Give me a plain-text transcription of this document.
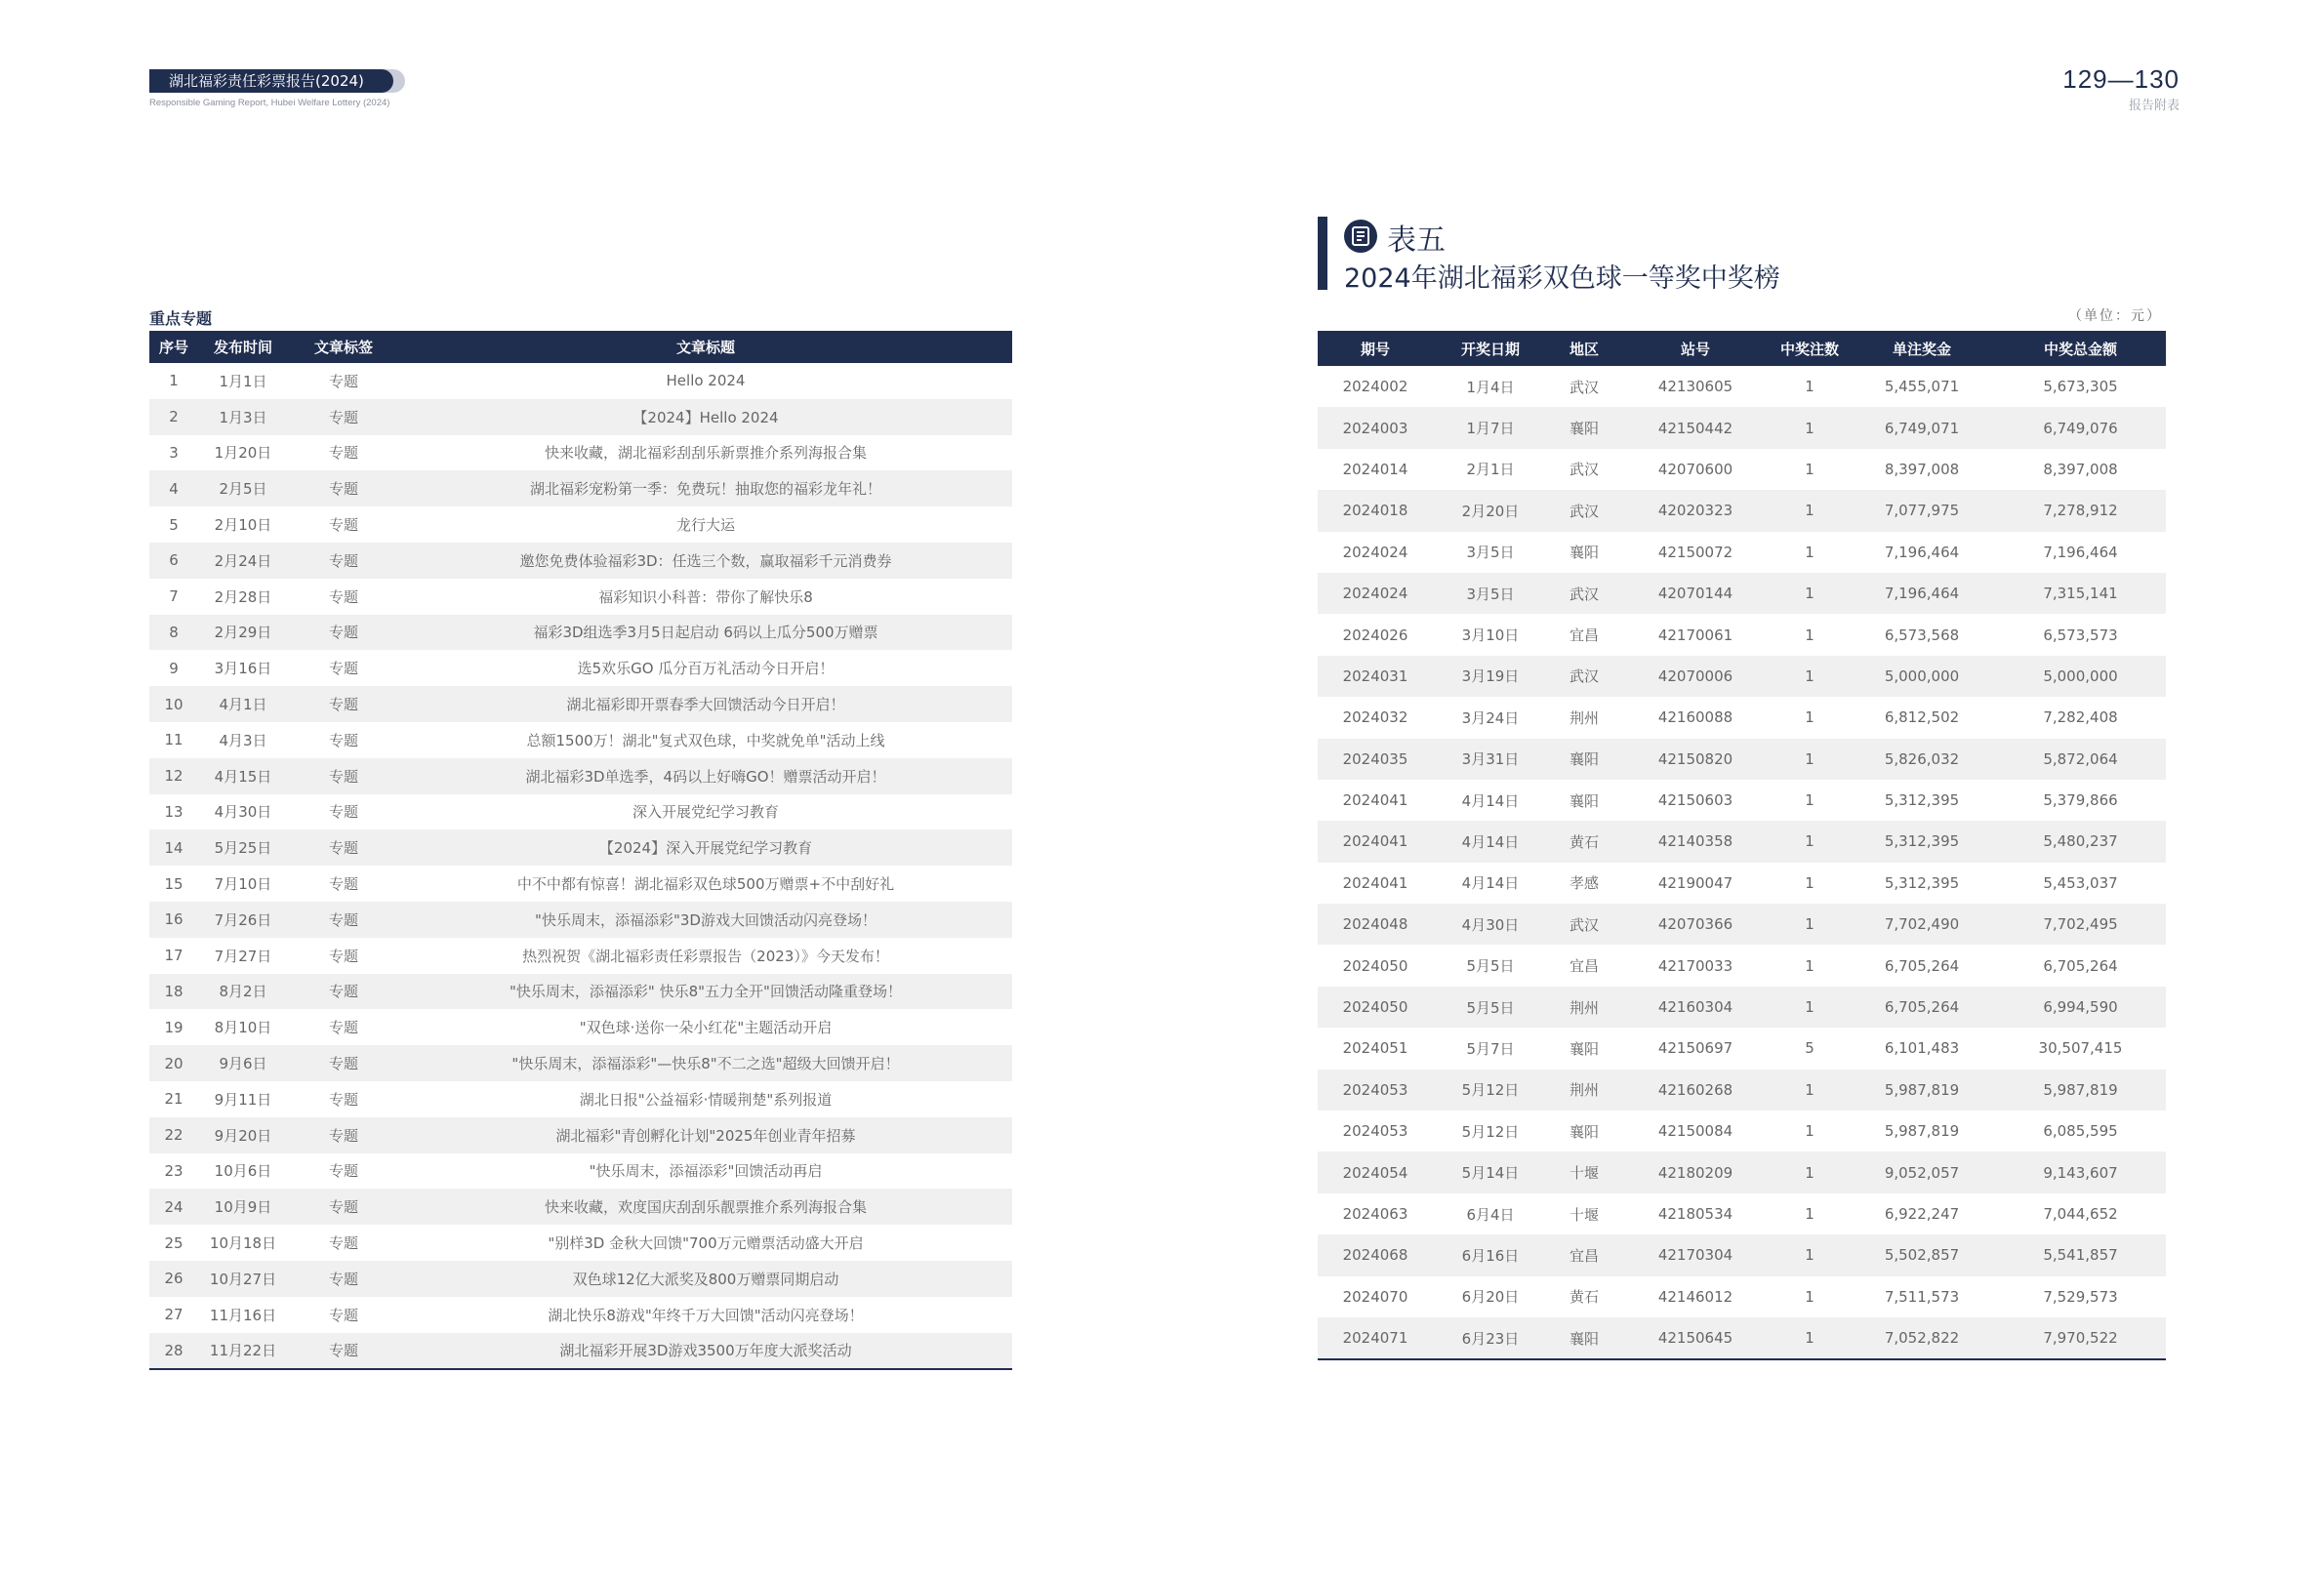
湖北福彩责任彩票报告(2024)
Responsible Gaming Report, Hubei Welfare Lottery (2024)
129—130
报告附表
重点专题
序号	发布时间	文章标签	文章标题
1	1月1日	专题	Hello 2024
2	1月3日	专题	【2024】Hello 2024
3	1月20日	专题	快来收藏，湖北福彩刮刮乐新票推介系列海报合集
4	2月5日	专题	湖北福彩宠粉第一季：免费玩！抽取您的福彩龙年礼！
5	2月10日	专题	龙行大运
6	2月24日	专题	邀您免费体验福彩3D：任选三个数，赢取福彩千元消费券
7	2月28日	专题	福彩知识小科普：带你了解快乐8
8	2月29日	专题	福彩3D组选季3月5日起启动 6码以上瓜分500万赠票
9	3月16日	专题	选5欢乐GO 瓜分百万礼活动今日开启！
10	4月1日	专题	湖北福彩即开票春季大回馈活动今日开启！
11	4月3日	专题	总额1500万！湖北"复式双色球，中奖就免单"活动上线
12	4月15日	专题	湖北福彩3D单选季，4码以上好嗨GO！赠票活动开启！
13	4月30日	专题	深入开展党纪学习教育
14	5月25日	专题	【2024】深入开展党纪学习教育
15	7月10日	专题	中不中都有惊喜！湖北福彩双色球500万赠票+不中刮好礼
16	7月26日	专题	"快乐周末，添福添彩"3D游戏大回馈活动闪亮登场！
17	7月27日	专题	热烈祝贺《湖北福彩责任彩票报告（2023）》今天发布！
18	8月2日	专题	"快乐周末，添福添彩" 快乐8"五力全开"回馈活动隆重登场！
19	8月10日	专题	"双色球·送你一朵小红花"主题活动开启
20	9月6日	专题	"快乐周末，添福添彩"—快乐8"不二之选"超级大回馈开启！
21	9月11日	专题	湖北日报"公益福彩·情暖荆楚"系列报道
22	9月20日	专题	湖北福彩"青创孵化计划"2025年创业青年招募
23	10月6日	专题	"快乐周末，添福添彩"回馈活动再启
24	10月9日	专题	快来收藏，欢度国庆刮刮乐靓票推介系列海报合集
25	10月18日	专题	"别样3D 金秋大回馈"700万元赠票活动盛大开启
26	10月27日	专题	双色球12亿大派奖及800万赠票同期启动
27	11月16日	专题	湖北快乐8游戏"年终千万大回馈"活动闪亮登场！
28	11月22日	专题	湖北福彩开展3D游戏3500万年度大派奖活动
表五
2024年湖北福彩双色球一等奖中奖榜
（单位：元）
期号	开奖日期	地区	站号	中奖注数	单注奖金	中奖总金额
2024002	1月4日	武汉	42130605	1	5,455,071	5,673,305
2024003	1月7日	襄阳	42150442	1	6,749,071	6,749,076
2024014	2月1日	武汉	42070600	1	8,397,008	8,397,008
2024018	2月20日	武汉	42020323	1	7,077,975	7,278,912
2024024	3月5日	襄阳	42150072	1	7,196,464	7,196,464
2024024	3月5日	武汉	42070144	1	7,196,464	7,315,141
2024026	3月10日	宜昌	42170061	1	6,573,568	6,573,573
2024031	3月19日	武汉	42070006	1	5,000,000	5,000,000
2024032	3月24日	荆州	42160088	1	6,812,502	7,282,408
2024035	3月31日	襄阳	42150820	1	5,826,032	5,872,064
2024041	4月14日	襄阳	42150603	1	5,312,395	5,379,866
2024041	4月14日	黄石	42140358	1	5,312,395	5,480,237
2024041	4月14日	孝感	42190047	1	5,312,395	5,453,037
2024048	4月30日	武汉	42070366	1	7,702,490	7,702,495
2024050	5月5日	宜昌	42170033	1	6,705,264	6,705,264
2024050	5月5日	荆州	42160304	1	6,705,264	6,994,590
2024051	5月7日	襄阳	42150697	5	6,101,483	30,507,415
2024053	5月12日	荆州	42160268	1	5,987,819	5,987,819
2024053	5月12日	襄阳	42150084	1	5,987,819	6,085,595
2024054	5月14日	十堰	42180209	1	9,052,057	9,143,607
2024063	6月4日	十堰	42180534	1	6,922,247	7,044,652
2024068	6月16日	宜昌	42170304	1	5,502,857	5,541,857
2024070	6月20日	黄石	42146012	1	7,511,573	7,529,573
2024071	6月23日	襄阳	42150645	1	7,052,822	7,970,522
